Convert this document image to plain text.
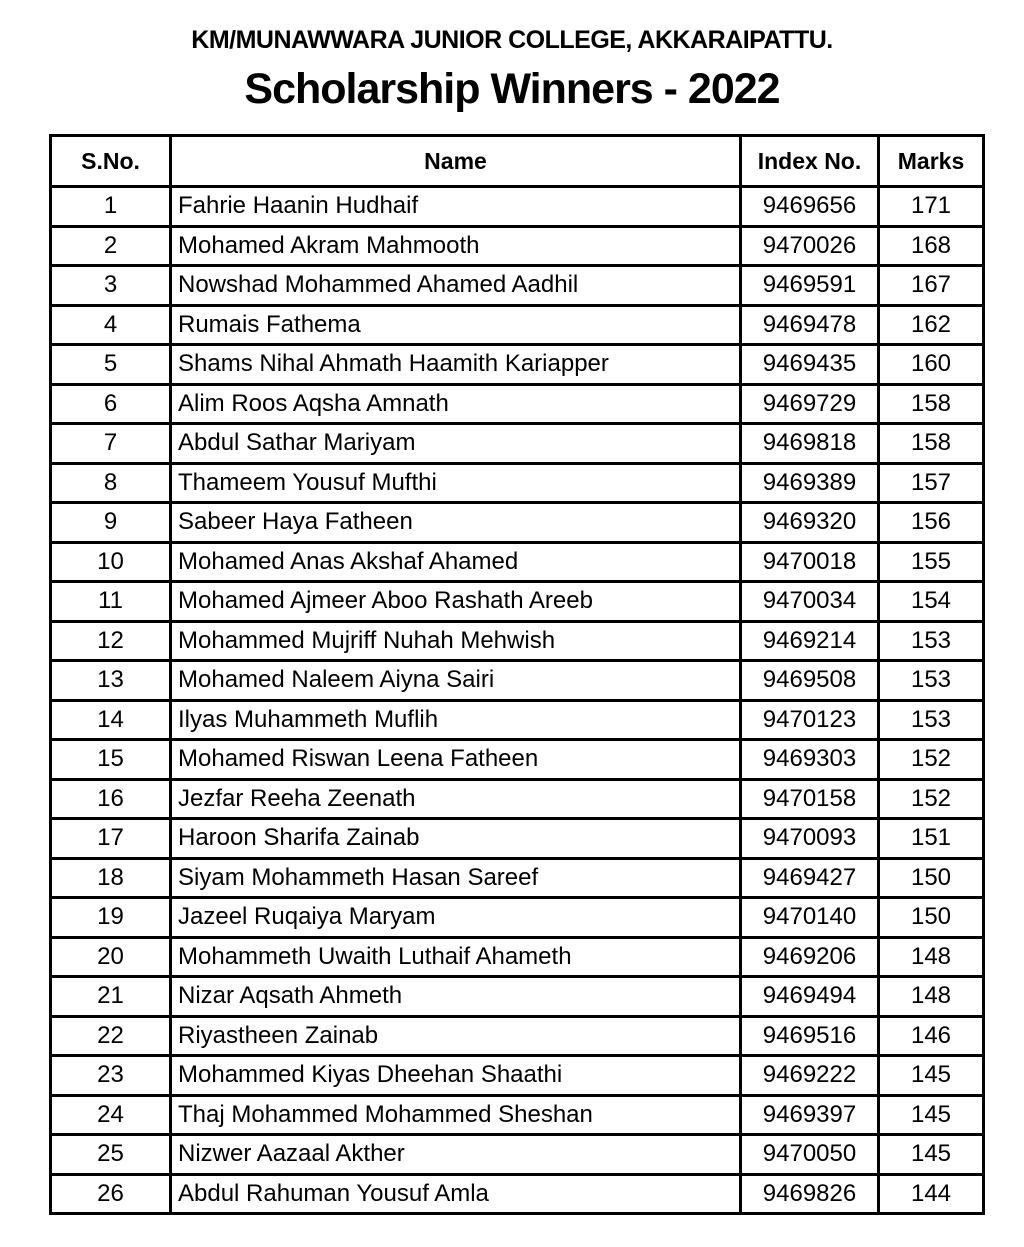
KM/MUNAWWARA JUNIOR COLLEGE, AKKARAIPATTU.
Scholarship Winners - 2022
S.No.	Name	Index No.	Marks
1	Fahrie Haanin Hudhaif	9469656	171
2	Mohamed Akram Mahmooth	9470026	168
3	Nowshad Mohammed Ahamed Aadhil	9469591	167
4	Rumais Fathema	9469478	162
5	Shams Nihal Ahmath Haamith Kariapper	9469435	160
6	Alim Roos Aqsha Amnath	9469729	158
7	Abdul Sathar Mariyam	9469818	158
8	Thameem Yousuf Mufthi	9469389	157
9	Sabeer Haya Fatheen	9469320	156
10	Mohamed Anas Akshaf Ahamed	9470018	155
11	Mohamed Ajmeer Aboo Rashath Areeb	9470034	154
12	Mohammed Mujriff Nuhah Mehwish	9469214	153
13	Mohamed Naleem Aiyna Sairi	9469508	153
14	Ilyas Muhammeth Muflih	9470123	153
15	Mohamed Riswan Leena Fatheen	9469303	152
16	Jezfar Reeha Zeenath	9470158	152
17	Haroon Sharifa Zainab	9470093	151
18	Siyam Mohammeth Hasan Sareef	9469427	150
19	Jazeel Ruqaiya Maryam	9470140	150
20	Mohammeth Uwaith Luthaif Ahameth	9469206	148
21	Nizar Aqsath Ahmeth	9469494	148
22	Riyastheen Zainab	9469516	146
23	Mohammed Kiyas Dheehan Shaathi	9469222	145
24	Thaj Mohammed Mohammed Sheshan	9469397	145
25	Nizwer Aazaal Akther	9470050	145
26	Abdul Rahuman Yousuf Amla	9469826	144
